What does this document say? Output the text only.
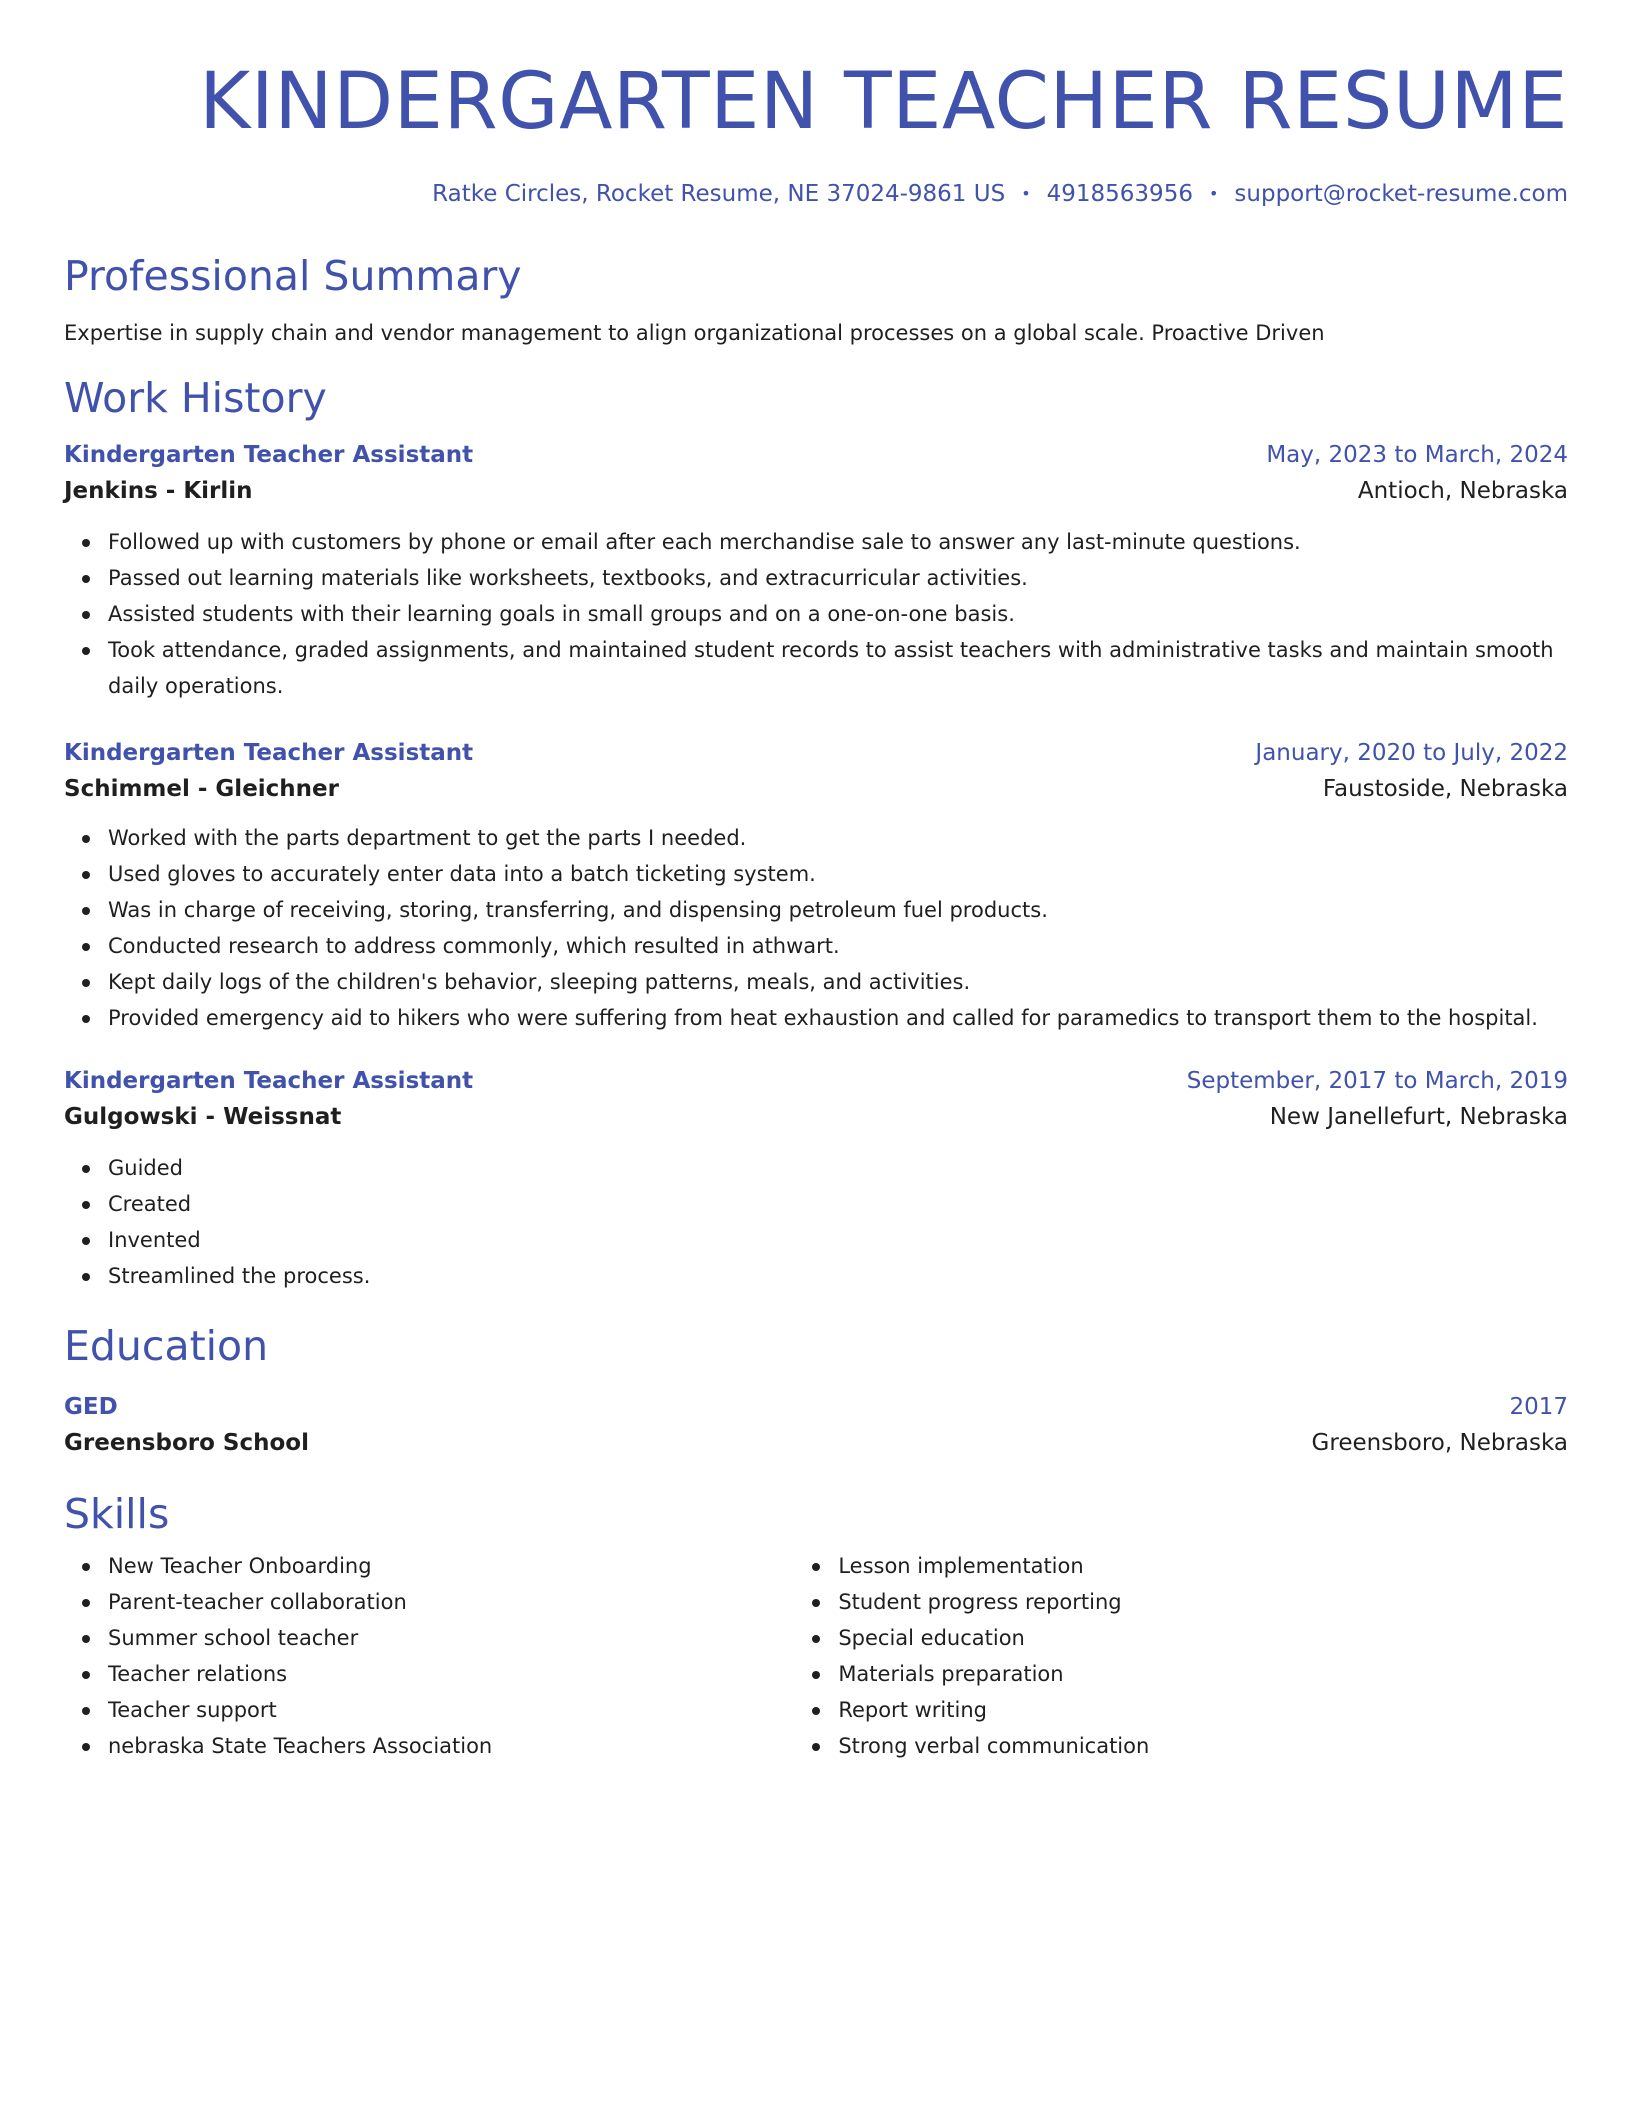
KINDERGARTEN TEACHER RESUME
Ratke Circles, Rocket Resume, NE 37024-9861 US • 4918563956 • support@rocket-resume.com
Professional Summary
Expertise in supply chain and vendor management to align organizational processes on a global scale. Proactive Driven
Work History
Kindergarten Teacher Assistant	May, 2023 to March, 2024
Jenkins - Kirlin	Antioch, Nebraska
Followed up with customers by phone or email after each merchandise sale to answer any last-minute questions.
Passed out learning materials like worksheets, textbooks, and extracurricular activities.
Assisted students with their learning goals in small groups and on a one-on-one basis.
Took attendance, graded assignments, and maintained student records to assist teachers with administrative tasks and maintain smooth daily operations.
Kindergarten Teacher Assistant	January, 2020 to July, 2022
Schimmel - Gleichner	Faustoside, Nebraska
Worked with the parts department to get the parts I needed.
Used gloves to accurately enter data into a batch ticketing system.
Was in charge of receiving, storing, transferring, and dispensing petroleum fuel products.
Conducted research to address commonly, which resulted in athwart.
Kept daily logs of the children's behavior, sleeping patterns, meals, and activities.
Provided emergency aid to hikers who were suffering from heat exhaustion and called for paramedics to transport them to the hospital.
Kindergarten Teacher Assistant	September, 2017 to March, 2019
Gulgowski - Weissnat	New Janellefurt, Nebraska
Guided
Created
Invented
Streamlined the process.
Education
GED	2017
Greensboro School	Greensboro, Nebraska
Skills
New Teacher Onboarding
Parent-teacher collaboration
Summer school teacher
Teacher relations
Teacher support
nebraska State Teachers Association
Lesson implementation
Student progress reporting
Special education
Materials preparation
Report writing
Strong verbal communication
